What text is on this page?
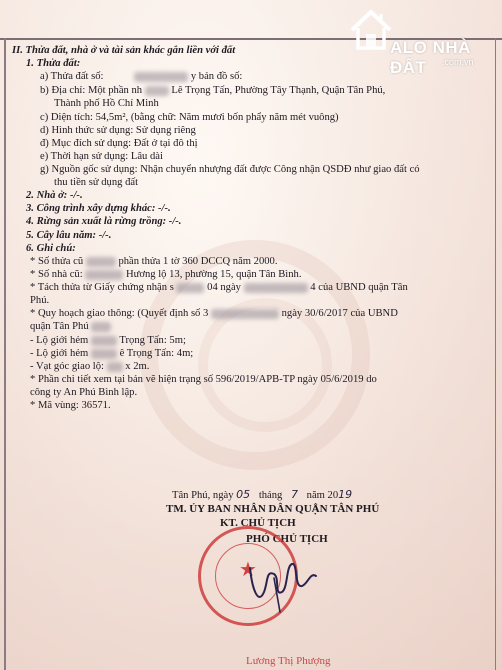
ALO NHÀ ĐẤT	.com.vn
II. Thửa đất, nhà ở và tài sản khác gắn liền với đất
1. Thửa đất:
a) Thửa đất số:	y bản đồ số:
b) Địa chỉ: Một phần nh	Lê Trọng Tấn, Phường Tây Thạnh, Quận Tân Phú,
Thành phố Hồ Chí Minh
c) Diện tích: 54,5m², (bằng chữ: Năm mươi bốn phẩy năm mét vuông)
d) Hình thức sử dụng: Sử dụng riêng
đ) Mục đích sử dụng: Đất ở tại đô thị
e) Thời hạn sử dụng: Lâu dài
g) Nguồn gốc sử dụng: Nhận chuyển nhượng đất được Công nhận QSDĐ như giao đất có
thu tiền sử dụng đất
2. Nhà ở: -/-.
3. Công trình xây dựng khác: -/-.
4. Rừng sản xuất là rừng trồng: -/-.
5. Cây lâu năm: -/-.
6. Ghi chú:
* Số thửa cũ	phần thửa 1 tờ 360 DCCQ năm 2000.
* Số nhà cũ:	Hương lộ 13, phường 15, quận Tân Bình.
* Tách thửa từ Giấy chứng nhận s	04 ngày	4 của UBND quận Tân
Phú.
* Quy hoạch giao thông: (Quyết định số 3	ngày 30/6/2017 của UBND
quận Tân Phú
- Lộ giới hẻm	Trọng Tấn: 5m;
- Lộ giới hẻm	ê Trọng Tấn: 4m;
- Vạt góc giao lộ: x 2m.
* Phần chi tiết xem tại bản vẽ hiện trạng số 596/2019/APB-TP ngày 05/6/2019 do
công ty An Phú Bình lập.
* Mã vùng: 36571.
Tân Phú, ngày 05 tháng 7 năm 2019
TM. ỦY BAN NHÂN DÂN QUẬN TÂN PHÚ
KT. CHỦ TỊCH
PHÓ CHỦ TỊCH
★
Lương Thị Phượng
